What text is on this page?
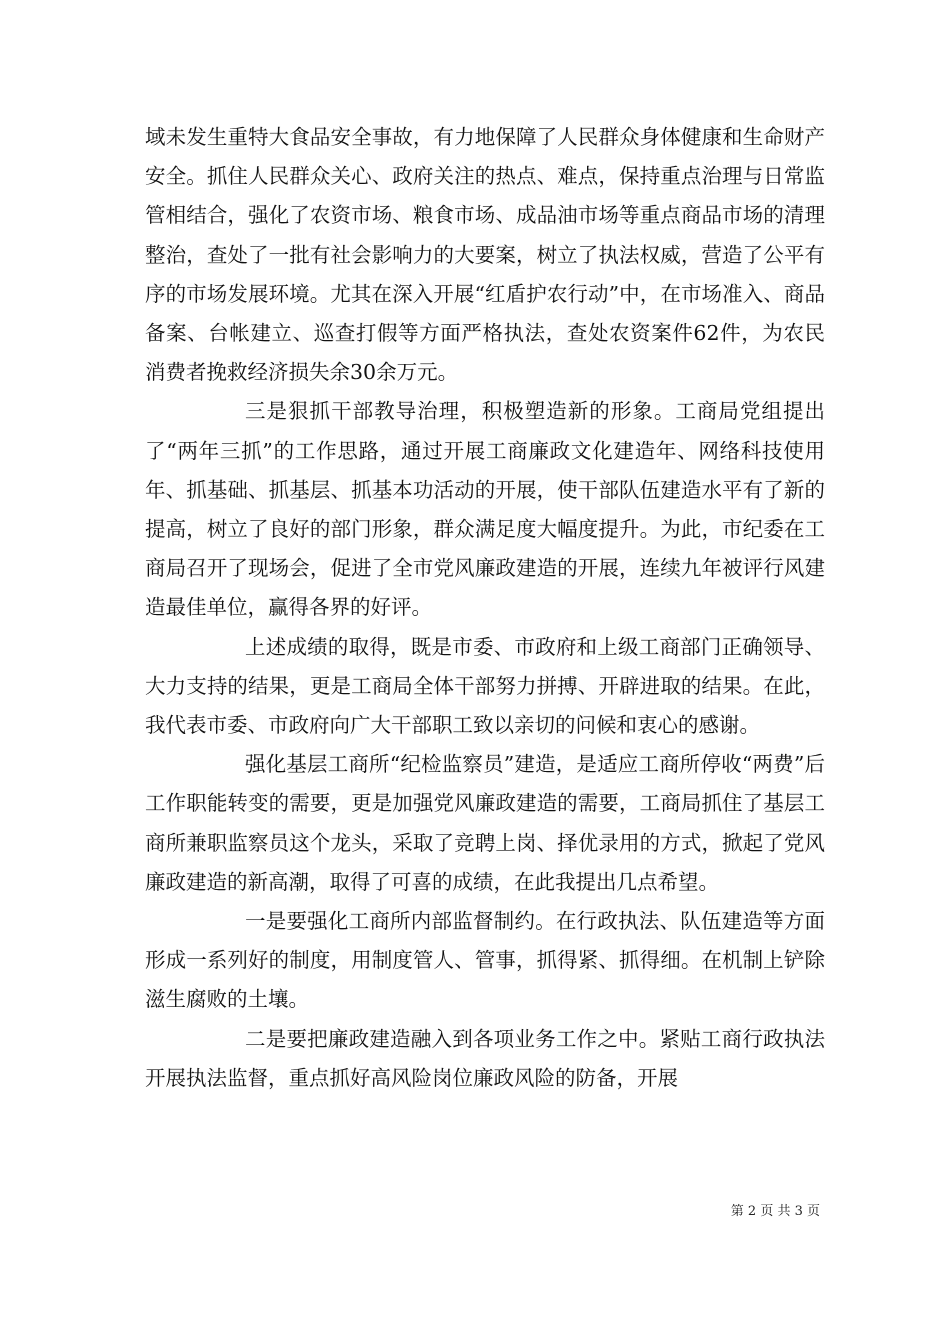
域未发生重特大食品安全事故，有力地保障了人民群众身体健康和生命财产安全。抓住人民群众关心、政府关注的热点、难点，保持重点治理与日常监管相结合，强化了农资市场、粮食市场、成品油市场等重点商品市场的清理整治，查处了一批有社会影响力的大要案，树立了执法权威，营造了公平有序的市场发展环境。尤其在深入开展“红盾护农行动”中，在市场准入、商品备案、台帐建立、巡查打假等方面严格执法，查处农资案件62件，为农民消费者挽救经济损失余30余万元。

三是狠抓干部教导治理，积极塑造新的形象。工商局党组提出了“两年三抓”的工作思路，通过开展工商廉政文化建造年、网络科技使用年、抓基础、抓基层、抓基本功活动的开展，使干部队伍建造水平有了新的提高，树立了良好的部门形象，群众满足度大幅度提升。为此，市纪委在工商局召开了现场会，促进了全市党风廉政建造的开展，连续九年被评行风建造最佳单位，赢得各界的好评。

上述成绩的取得，既是市委、市政府和上级工商部门正确领导、大力支持的结果，更是工商局全体干部努力拼搏、开辟进取的结果。在此，我代表市委、市政府向广大干部职工致以亲切的问候和衷心的感谢。

强化基层工商所“纪检监察员”建造，是适应工商所停收“两费”后工作职能转变的需要，更是加强党风廉政建造的需要，工商局抓住了基层工商所兼职监察员这个龙头，采取了竞聘上岗、择优录用的方式，掀起了党风廉政建造的新高潮，取得了可喜的成绩，在此我提出几点希望。

一是要强化工商所内部监督制约。在行政执法、队伍建造等方面形成一系列好的制度，用制度管人、管事，抓得紧、抓得细。在机制上铲除滋生腐败的土壤。

二是要把廉政建造融入到各项业务工作之中。紧贴工商行政执法开展执法监督，重点抓好高风险岗位廉政风险的防备，开展

第 2 页 共 3 页
